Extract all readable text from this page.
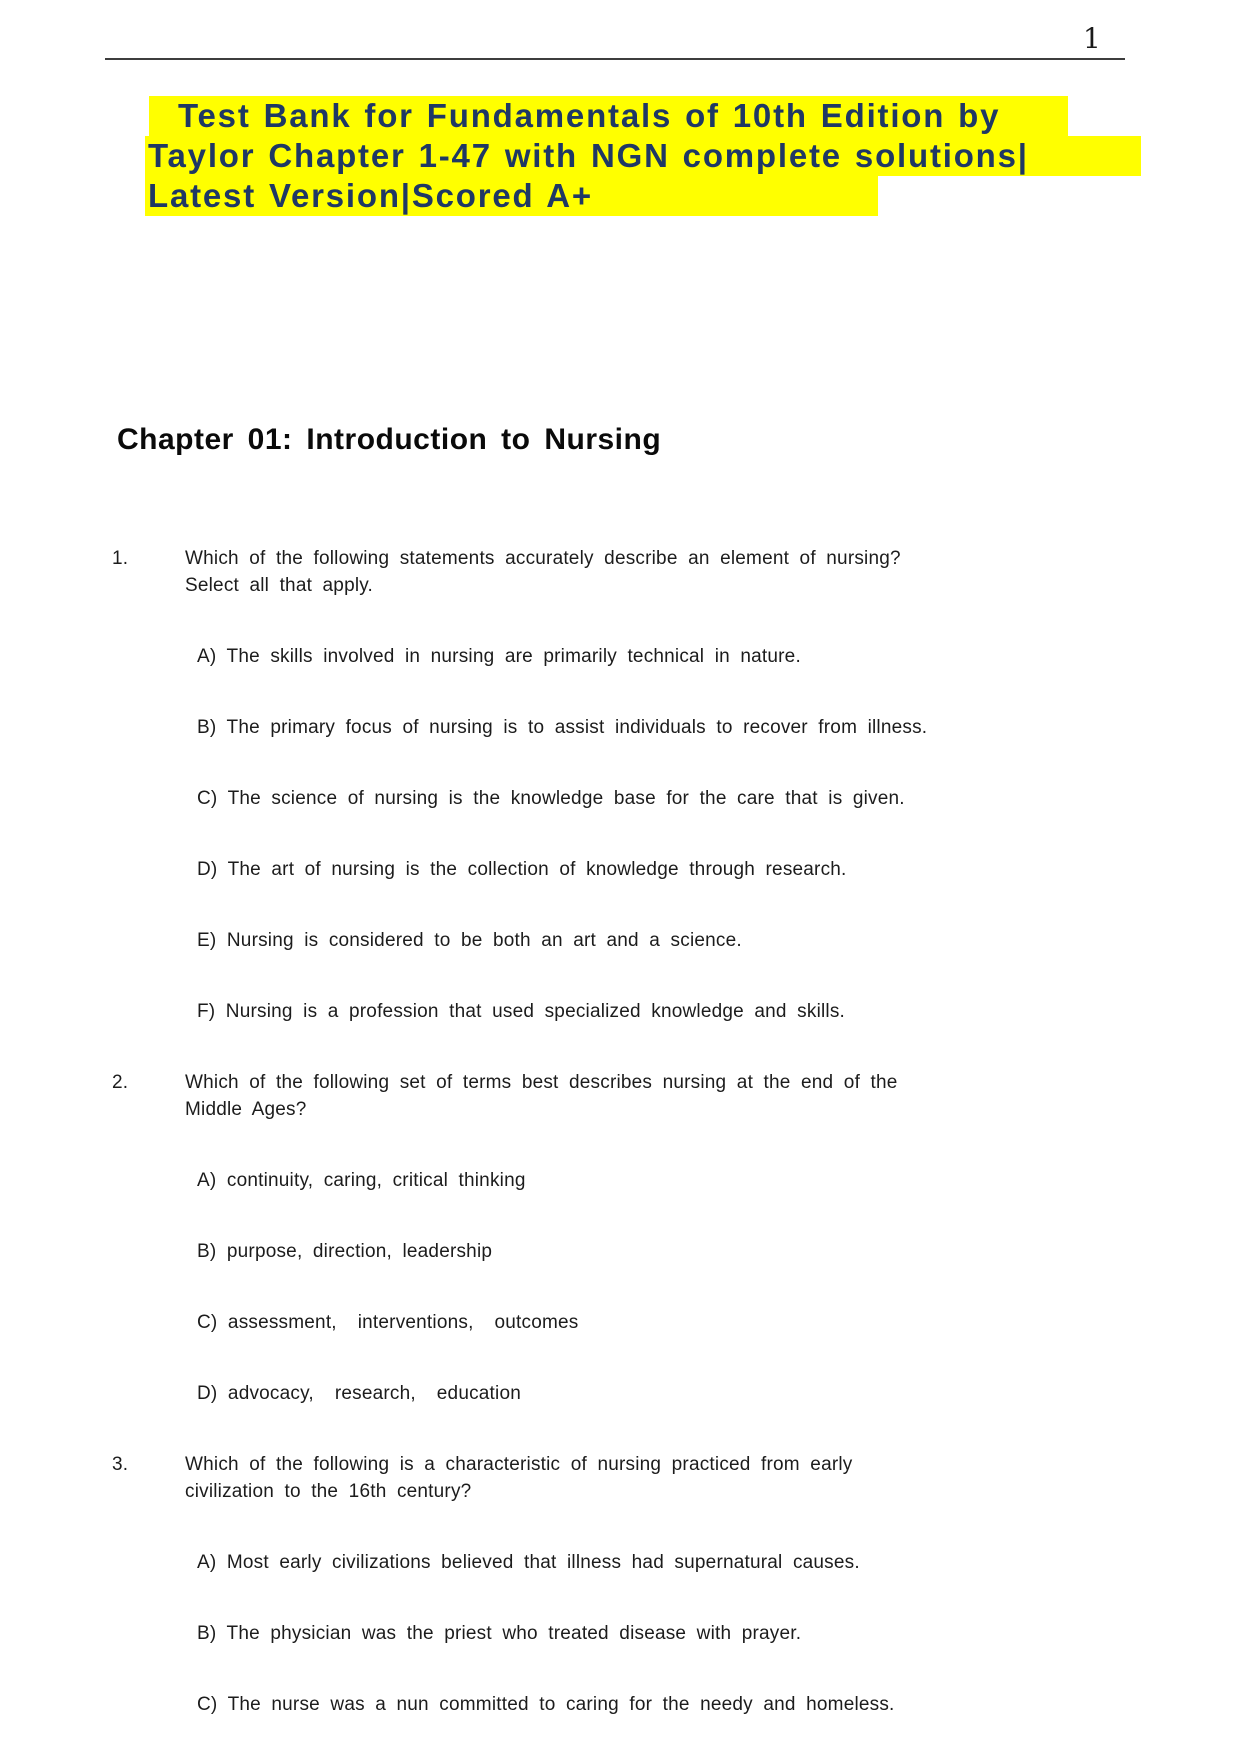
1
Test Bank for Fundamentals of 10th Edition by
Taylor Chapter 1-47 with NGN complete solutions|
Latest Version|Scored A+
Chapter 01: Introduction to Nursing
1.	Which of the following statements accurately describe an element of nursing?
Select all that apply.
A) The skills involved in nursing are primarily technical in nature.
B) The primary focus of nursing is to assist individuals to recover from illness.
C) The science of nursing is the knowledge base for the care that is given.
D) The art of nursing is the collection of knowledge through research.
E) Nursing is considered to be both an art and a science.
F) Nursing is a profession that used specialized knowledge and skills.
2.	Which of the following set of terms best describes nursing at the end of the
Middle Ages?
A) continuity, caring, critical thinking
B) purpose, direction, leadership
C) assessment,  interventions,  outcomes
D) advocacy,  research,  education
3.	Which of the following is a characteristic of nursing practiced from early
civilization to the 16th century?
A) Most early civilizations believed that illness had supernatural causes.
B) The physician was the priest who treated disease with prayer.
C) The nurse was a nun committed to caring for the needy and homeless.
